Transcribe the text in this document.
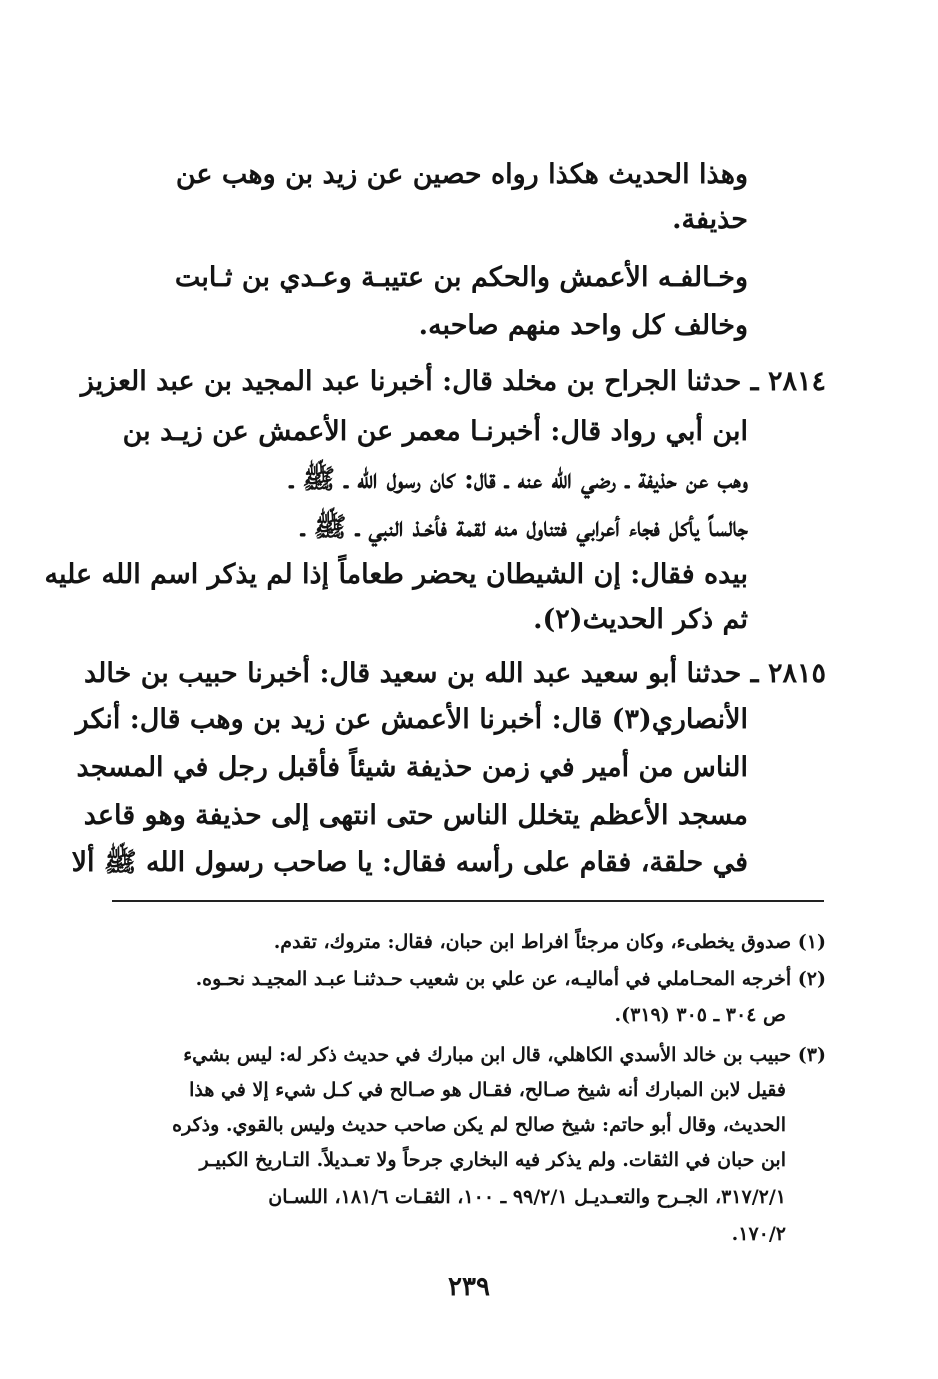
وهذا الحديث هكذا رواه حصين عن زيد بن وهب عن
حذيفة.
وخـالفـه الأعمش والحكم بن عتيبـة وعـدي بن ثـابت
وخالف كل واحد منهم صاحبه.
٢٨١٤ ـ حدثنا الجراح بن مخلد قال: أخبرنا عبد المجيد بن عبد العزيز
ابن أبي رواد قال: أخبرنـا معمر عن الأعمش عن زيـد بن
وهب عن حذيفة ـ رضي الله عنه ـ قال: كان رسول الله ـ ﷺ ـ
جالساً يأكل فجاء أعرابي فتناول منه لقمة فأخـذ النبي ـ ﷺ ـ
بيده فقال: إن الشيطان يحضر طعاماً إذا لم يذكر اسم الله عليه
ثم ذكر الحديث(٢).
٢٨١٥ ـ حدثنا أبو سعيد عبد الله بن سعيد قال: أخبرنا حبيب بن خالد
الأنصاري(٣) قال: أخبرنا الأعمش عن زيد بن وهب قال: أنكر
الناس من أمير في زمن حذيفة شيئاً فأقبل رجل في المسجد
مسجد الأعظم يتخلل الناس حتى انتهى إلى حذيفة وهو قاعد
في حلقة، فقام على رأسه فقال: يا صاحب رسول الله ﷺ ألا
(١) صدوق يخطىء، وكان مرجئاً افراط ابن حبان، فقال: متروك، تقدم.
(٢) أخرجه المحـاملي في أماليـه، عن علي بن شعيب حـدثنـا عبـد المجيـد نحـوه.
ص ٣٠٤ ـ ٣٠٥ (٣١٩).
(٣) حبيب بن خالد الأسدي الكاهلي، قال ابن مبارك في حديث ذكر له: ليس بشيء
فقيل لابن المبارك أنه شيخ صـالح، فقـال هو صـالح في كـل شيء إلا في هذا
الحديث، وقال أبو حاتم: شيخ صالح لم يكن صاحب حديث وليس بالقوي. وذكره
ابن حبان في الثقات. ولم يذكر فيه البخاري جرحاً ولا تعـديلاً. التـاريخ الكبيـر
٣١٧/٢/١، الجـرح والتعـديـل ٩٩/٢/١ ـ ١٠٠، الثقـات ١٨١/٦، اللسـان
١٧٠/٢.
٢٣٩
